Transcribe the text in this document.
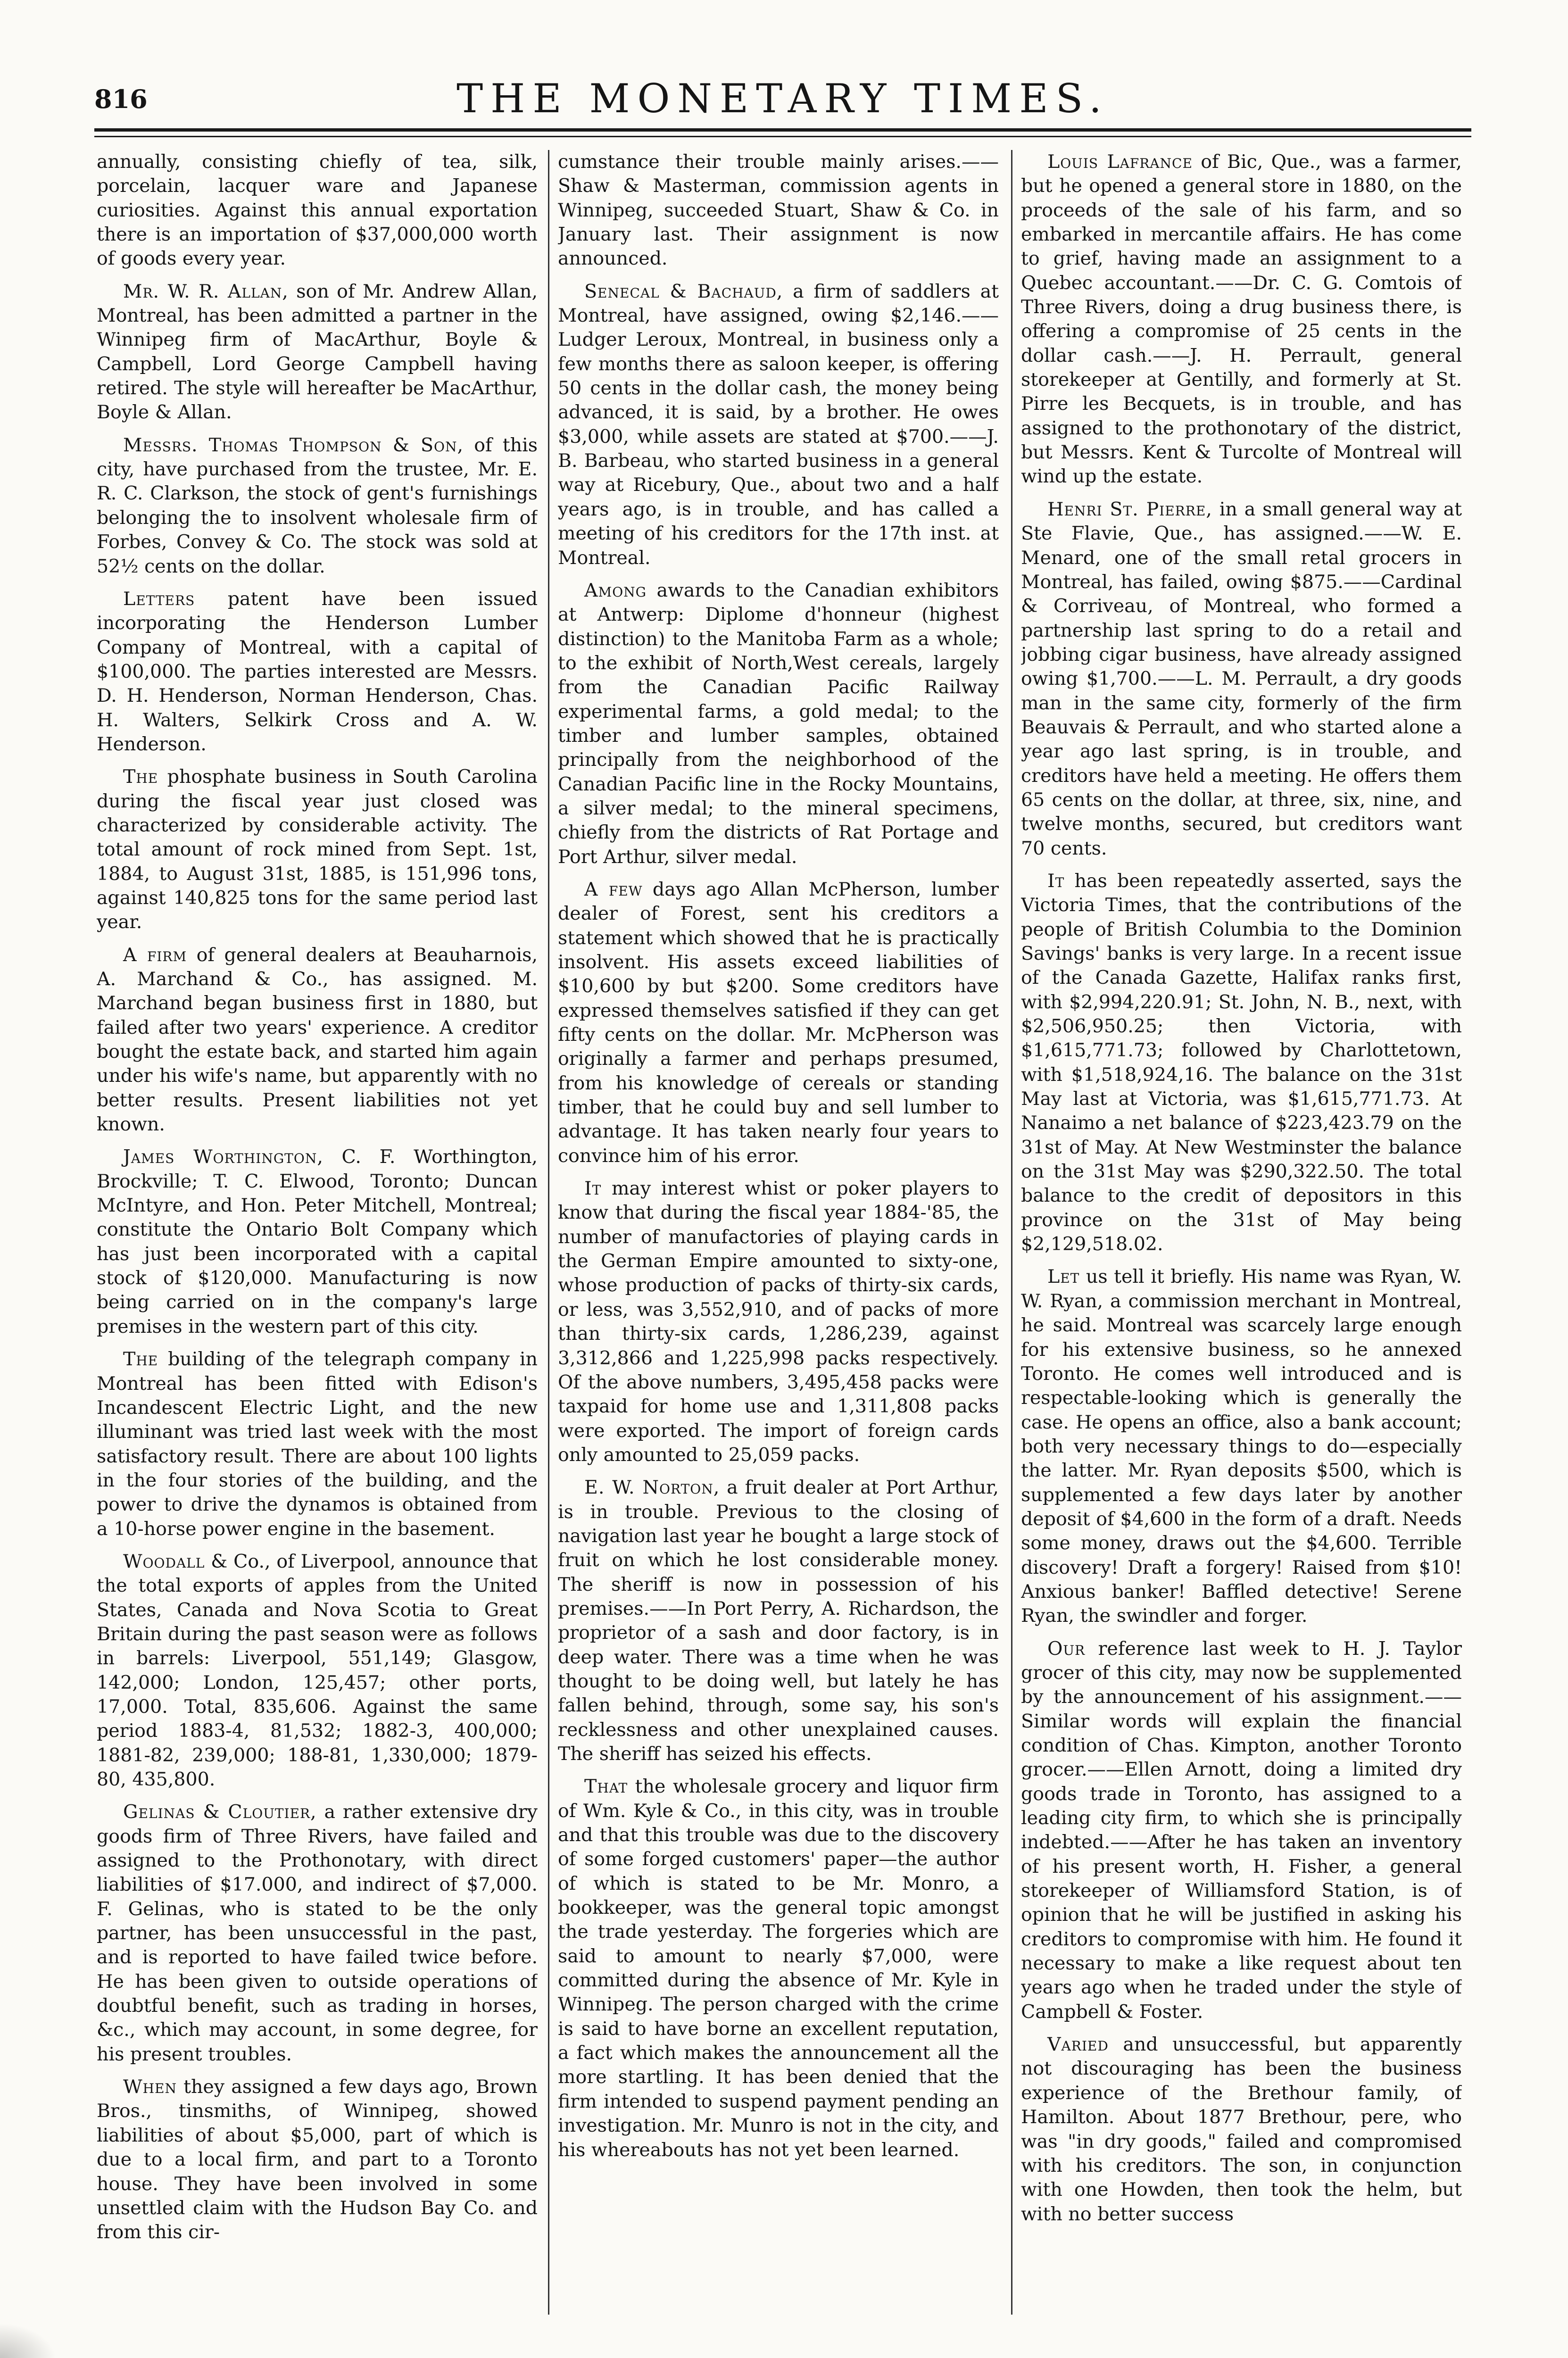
816	THE MONETARY TIMES.

annually, consisting chiefly of tea, silk, porcelain, lacquer ware and Japanese curiosities. Against this annual exportation there is an importation of $37,000,000 worth of goods every year.

Mr. W. R. Allan, son of Mr. Andrew Allan, Montreal, has been admitted a partner in the Winnipeg firm of MacArthur, Boyle & Campbell, Lord George Campbell having retired. The style will hereafter be MacArthur, Boyle & Allan.

Messrs. Thomas Thompson & Son, of this city, have purchased from the trustee, Mr. E. R. C. Clarkson, the stock of gent's furnishings belonging the to insolvent wholesale firm of Forbes, Convey & Co. The stock was sold at 52½ cents on the dollar.

Letters patent have been issued incorporating the Henderson Lumber Company of Montreal, with a capital of $100,000. The parties interested are Messrs. D. H. Henderson, Norman Henderson, Chas. H. Walters, Selkirk Cross and A. W. Henderson.

The phosphate business in South Carolina during the fiscal year just closed was characterized by considerable activity. The total amount of rock mined from Sept. 1st, 1884, to August 31st, 1885, is 151,996 tons, against 140,825 tons for the same period last year.

A firm of general dealers at Beauharnois, A. Marchand & Co., has assigned. M. Marchand began business first in 1880, but failed after two years' experience. A creditor bought the estate back, and started him again under his wife's name, but apparently with no better results. Present liabilities not yet known.

James Worthington, C. F. Worthington, Brockville; T. C. Elwood, Toronto; Duncan McIntyre, and Hon. Peter Mitchell, Montreal; constitute the Ontario Bolt Company which has just been incorporated with a capital stock of $120,000. Manufacturing is now being carried on in the company's large premises in the western part of this city.

The building of the telegraph company in Montreal has been fitted with Edison's Incandescent Electric Light, and the new illuminant was tried last week with the most satisfactory result. There are about 100 lights in the four stories of the building, and the power to drive the dynamos is obtained from a 10-horse power engine in the basement.

Woodall & Co., of Liverpool, announce that the total exports of apples from the United States, Canada and Nova Scotia to Great Britain during the past season were as follows in barrels: Liverpool, 551,149; Glasgow, 142,000; London, 125,457; other ports, 17,000. Total, 835,606. Against the same period 1883-4, 81,532; 1882-3, 400,000; 1881-82, 239,000; 188-81, 1,330,000; 1879-80, 435,800.

Gelinas & Cloutier, a rather extensive dry goods firm of Three Rivers, have failed and assigned to the Prothonotary, with direct liabilities of $17.000, and indirect of $7,000. F. Gelinas, who is stated to be the only partner, has been unsuccessful in the past, and is reported to have failed twice before. He has been given to outside operations of doubtful benefit, such as trading in horses, &c., which may account, in some degree, for his present troubles.

When they assigned a few days ago, Brown Bros., tinsmiths, of Winnipeg, showed liabilities of about $5,000, part of which is due to a local firm, and part to a Toronto house. They have been involved in some unsettled claim with the Hudson Bay Co. and from this cir-

cumstance their trouble mainly arises.——Shaw & Masterman, commission agents in Winnipeg, succeeded Stuart, Shaw & Co. in January last. Their assignment is now announced.

Senecal & Bachaud, a firm of saddlers at Montreal, have assigned, owing $2,146.——Ludger Leroux, Montreal, in business only a few months there as saloon keeper, is offering 50 cents in the dollar cash, the money being advanced, it is said, by a brother. He owes $3,000, while assets are stated at $700.——J. B. Barbeau, who started business in a general way at Ricebury, Que., about two and a half years ago, is in trouble, and has called a meeting of his creditors for the 17th inst. at Montreal.

Among awards to the Canadian exhibitors at Antwerp: Diplome d'honneur (highest distinction) to the Manitoba Farm as a whole; to the exhibit of North,West cereals, largely from the Canadian Pacific Railway experimental farms, a gold medal; to the timber and lumber samples, obtained principally from the neighborhood of the Canadian Pacific line in the Rocky Mountains, a silver medal; to the mineral specimens, chiefly from the districts of Rat Portage and Port Arthur, silver medal.

A few days ago Allan McPherson, lumber dealer of Forest, sent his creditors a statement which showed that he is practically insolvent. His assets exceed liabilities of $10,600 by but $200. Some creditors have expressed themselves satisfied if they can get fifty cents on the dollar. Mr. McPherson was originally a farmer and perhaps presumed, from his knowledge of cereals or standing timber, that he could buy and sell lumber to advantage. It has taken nearly four years to convince him of his error.

It may interest whist or poker players to know that during the fiscal year 1884-'85, the number of manufactories of playing cards in the German Empire amounted to sixty-one, whose production of packs of thirty-six cards, or less, was 3,552,910, and of packs of more than thirty-six cards, 1,286,239, against 3,312,866 and 1,225,998 packs respectively. Of the above numbers, 3,495,458 packs were taxpaid for home use and 1,311,808 packs were exported. The import of foreign cards only amounted to 25,059 packs.

E. W. Norton, a fruit dealer at Port Arthur, is in trouble. Previous to the closing of navigation last year he bought a large stock of fruit on which he lost considerable money. The sheriff is now in possession of his premises.——In Port Perry, A. Richardson, the proprietor of a sash and door factory, is in deep water. There was a time when he was thought to be doing well, but lately he has fallen behind, through, some say, his son's recklessness and other unexplained causes. The sheriff has seized his effects.

That the wholesale grocery and liquor firm of Wm. Kyle & Co., in this city, was in trouble and that this trouble was due to the discovery of some forged customers' paper—the author of which is stated to be Mr. Monro, a bookkeeper, was the general topic amongst the trade yesterday. The forgeries which are said to amount to nearly $7,000, were committed during the absence of Mr. Kyle in Winnipeg. The person charged with the crime is said to have borne an excellent reputation, a fact which makes the announcement all the more startling. It has been denied that the firm intended to suspend payment pending an investigation. Mr. Munro is not in the city, and his whereabouts has not yet been learned.

Louis Lafrance of Bic, Que., was a farmer, but he opened a general store in 1880, on the proceeds of the sale of his farm, and so embarked in mercantile affairs. He has come to grief, having made an assignment to a Quebec accountant.——Dr. C. G. Comtois of Three Rivers, doing a drug business there, is offering a compromise of 25 cents in the dollar cash.——J. H. Perrault, general storekeeper at Gentilly, and formerly at St. Pirre les Becquets, is in trouble, and has assigned to the prothonotary of the district, but Messrs. Kent & Turcolte of Montreal will wind up the estate.

Henri St. Pierre, in a small general way at Ste Flavie, Que., has assigned.——W. E. Menard, one of the small retal grocers in Montreal, has failed, owing $875.——Cardinal & Corriveau, of Montreal, who formed a partnership last spring to do a retail and jobbing cigar business, have already assigned owing $1,700.——L. M. Perrault, a dry goods man in the same city, formerly of the firm Beauvais & Perrault, and who started alone a year ago last spring, is in trouble, and creditors have held a meeting. He offers them 65 cents on the dollar, at three, six, nine, and twelve months, secured, but creditors want 70 cents.

It has been repeatedly asserted, says the Victoria Times, that the contributions of the people of British Columbia to the Dominion Savings' banks is very large. In a recent issue of the Canada Gazette, Halifax ranks first, with $2,994,220.91; St. John, N. B., next, with $2,506,950.25; then Victoria, with $1,615,771.73; followed by Charlottetown, with $1,518,924,16. The balance on the 31st May last at Victoria, was $1,615,771.73. At Nanaimo a net balance of $223,423.79 on the 31st of May. At New Westminster the balance on the 31st May was $290,322.50. The total balance to the credit of depositors in this province on the 31st of May being $2,129,518.02.

Let us tell it briefly. His name was Ryan, W. W. Ryan, a commission merchant in Montreal, he said. Montreal was scarcely large enough for his extensive business, so he annexed Toronto. He comes well introduced and is respectable-looking which is generally the case. He opens an office, also a bank account; both very necessary things to do—especially the latter. Mr. Ryan deposits $500, which is supplemented a few days later by another deposit of $4,600 in the form of a draft. Needs some money, draws out the $4,600. Terrible discovery! Draft a forgery! Raised from $10! Anxious banker! Baffled detective! Serene Ryan, the swindler and forger.

Our reference last week to H. J. Taylor grocer of this city, may now be supplemented by the announcement of his assignment.——Similar words will explain the financial condition of Chas. Kimpton, another Toronto grocer.——Ellen Arnott, doing a limited dry goods trade in Toronto, has assigned to a leading city firm, to which she is principally indebted.——After he has taken an inventory of his present worth, H. Fisher, a general storekeeper of Williamsford Station, is of opinion that he will be justified in asking his creditors to compromise with him. He found it necessary to make a like request about ten years ago when he traded under the style of Campbell & Foster.

Varied and unsuccessful, but apparently not discouraging has been the business experience of the Brethour family, of Hamilton. About 1877 Brethour, pere, who was "in dry goods," failed and compromised with his creditors. The son, in conjunction with one Howden, then took the helm, but with no better success
